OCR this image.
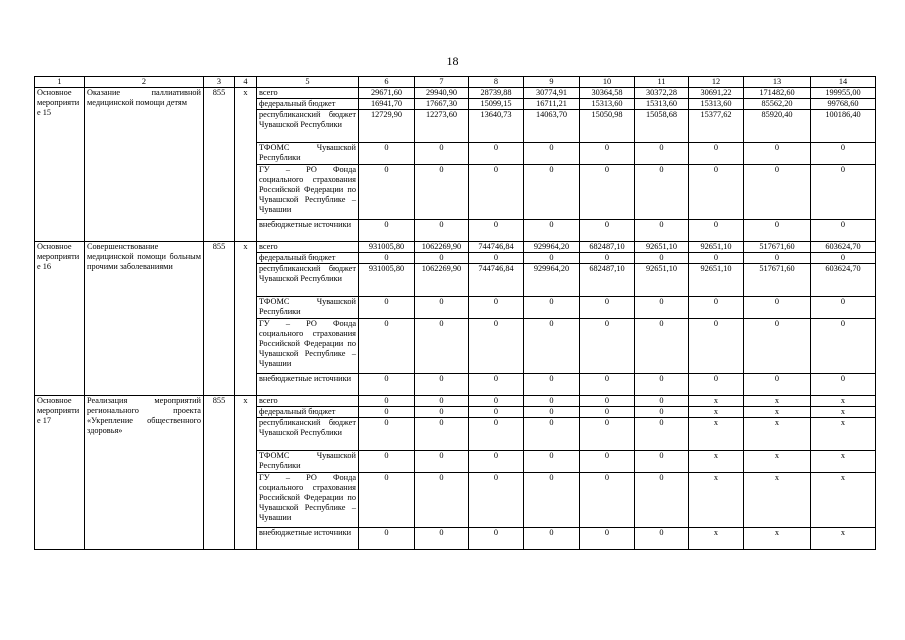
18
1	2	3	4	5	6	7	8	9	10	11	12	13	14
Основное мероприятие 15	Оказание паллиативной медицинской помощи детям	855	x	всего	29671,60	29940,90	28739,88	30774,91	30364,58	30372,28	30691,22	171482,60	199955,00
				федеральный бюджет	16941,70	17667,30	15099,15	16711,21	15313,60	15313,60	15313,60	85562,20	99768,60
				республиканский бюджет Чувашской Республики	12729,90	12273,60	13640,73	14063,70	15050,98	15058,68	15377,62	85920,40	100186,40
				ТФОМС Чувашской Республики	0	0	0	0	0	0	0	0	0
				ГУ – РО Фонда социального страхования Российской Федерации по Чувашской Республике – Чувашии	0	0	0	0	0	0	0	0	0
				внебюджетные источники	0	0	0	0	0	0	0	0	0
Основное мероприятие 16	Совершенствование медицинской помощи больным прочими заболеваниями	855	x	всего	931005,80	1062269,90	744746,84	929964,20	682487,10	92651,10	92651,10	517671,60	603624,70
				федеральный бюджет	0	0	0	0	0	0	0	0	0
				республиканский бюджет Чувашской Республики	931005,80	1062269,90	744746,84	929964,20	682487,10	92651,10	92651,10	517671,60	603624,70
				ТФОМС Чувашской Республики	0	0	0	0	0	0	0	0	0
				ГУ – РО Фонда социального страхования Российской Федерации по Чувашской Республике – Чувашии	0	0	0	0	0	0	0	0	0
				внебюджетные источники	0	0	0	0	0	0	0	0	0
Основное мероприятие 17	Реализация мероприятий регионального проекта «Укрепление общественного здоровья»	855	x	всего	0	0	0	0	0	0	x	x	x
				федеральный бюджет	0	0	0	0	0	0	x	x	x
				республиканский бюджет Чувашской Республики	0	0	0	0	0	0	x	x	x
				ТФОМС Чувашской Республики	0	0	0	0	0	0	x	x	x
				ГУ – РО Фонда социального страхования Российской Федерации по Чувашской Республике – Чувашии	0	0	0	0	0	0	x	x	x
				внебюджетные источники	0	0	0	0	0	0	x	x	x
